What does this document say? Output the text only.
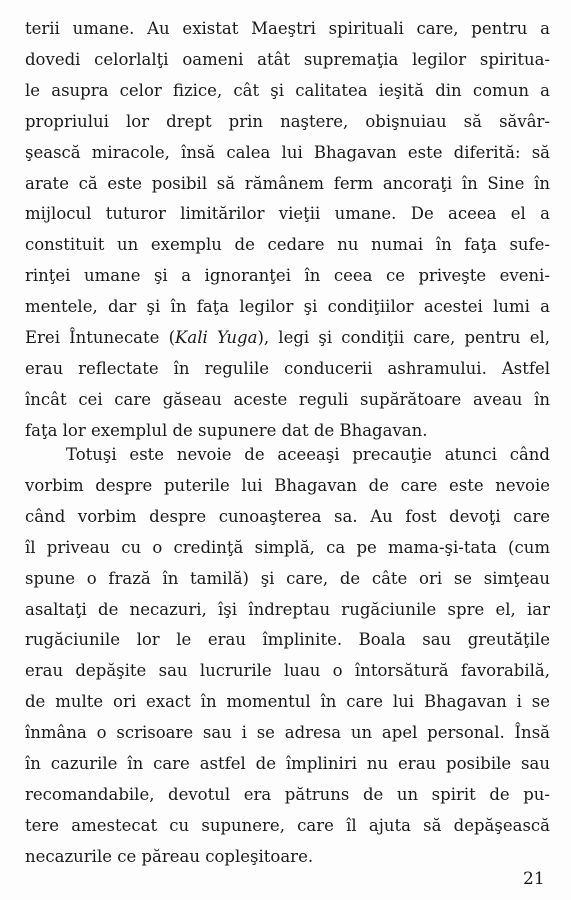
terii umane. Au existat Maeştri spirituali care, pentru a
dovedi celorlalţi oameni atât supremaţia legilor spiritua-
le asupra celor fizice, cât şi calitatea ieşită din comun a
propriului lor drept prin naştere, obişnuiau să săvâr-
şească miracole, însă calea lui Bhagavan este diferită: să
arate că este posibil să rămânem ferm ancoraţi în Sine în
mijlocul tuturor limitărilor vieţii umane. De aceea el a
constituit un exemplu de cedare nu numai în faţa sufe-
rinţei umane şi a ignoranţei în ceea ce priveşte eveni-
mentele, dar şi în faţa legilor şi condiţiilor acestei lumi a
Erei Întunecate (Kali Yuga), legi şi condiţii care, pentru el,
erau reflectate în regulile conducerii ashramului. Astfel
încât cei care găseau aceste reguli supărătoare aveau în
faţa lor exemplul de supunere dat de Bhagavan.
Totuşi este nevoie de aceeaşi precauţie atunci când
vorbim despre puterile lui Bhagavan de care este nevoie
când vorbim despre cunoaşterea sa. Au fost devoţi care
îl priveau cu o credinţă simplă, ca pe mama-şi-tata (cum
spune o frază în tamilă) şi care, de câte ori se simţeau
asaltaţi de necazuri, îşi îndreptau rugăciunile spre el, iar
rugăciunile lor le erau împlinite. Boala sau greutăţile
erau depăşite sau lucrurile luau o întorsătură favorabilă,
de multe ori exact în momentul în care lui Bhagavan i se
înmâna o scrisoare sau i se adresa un apel personal. Însă
în cazurile în care astfel de împliniri nu erau posibile sau
recomandabile, devotul era pătruns de un spirit de pu-
tere amestecat cu supunere, care îl ajuta să depăşească
necazurile ce păreau copleşitoare.
21
